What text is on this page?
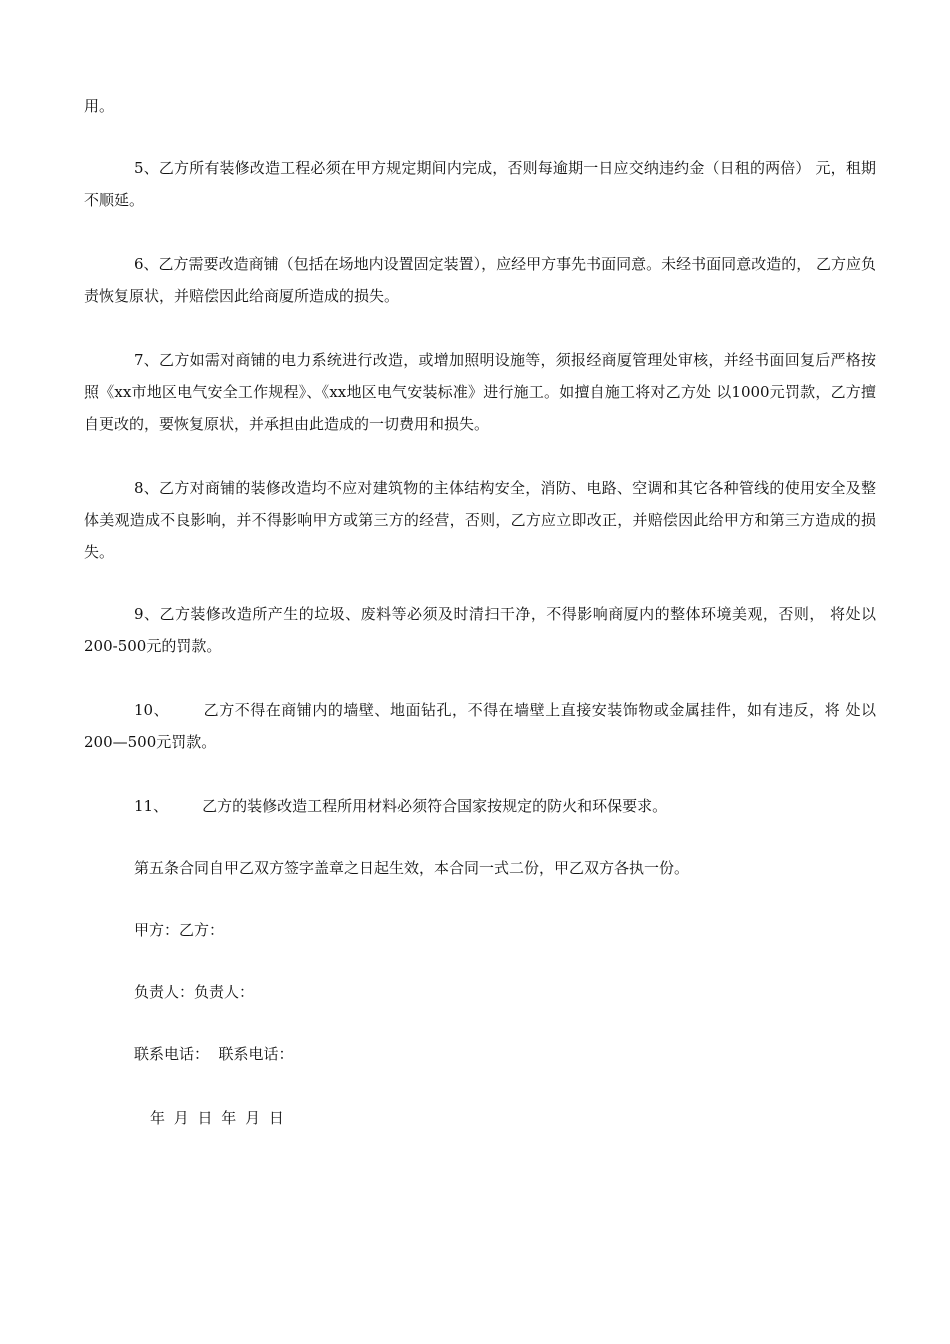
用。

5、乙方所有装修改造工程必须在甲方规定期间内完成，否则每逾期一日应交纳违约金（日租的两倍） 元，租期不顺延。

6、乙方需要改造商铺（包括在场地内设置固定装置），应经甲方事先书面同意。未经书面同意改造的， 乙方应负责恢复原状，并赔偿因此给商厦所造成的损失。

7、乙方如需对商铺的电力系统进行改造，或增加照明设施等，须报经商厦管理处审核，并经书面回复后严格按照《xx市地区电气安全工作规程》、《xx地区电气安装标准》进行施工。如擅自施工将对乙方处 以1000元罚款，乙方擅自更改的，要恢复原状，并承担由此造成的一切费用和损失。

8、乙方对商铺的装修改造均不应对建筑物的主体结构安全，消防、电路、空调和其它各种管线的使用安全及整体美观造成不良影响，并不得影响甲方或第三方的经营，否则，乙方应立即改正，并赔偿因此给甲方和第三方造成的损失。

9、乙方装修改造所产生的垃圾、废料等必须及时清扫干净，不得影响商厦内的整体环境美观，否则， 将处以200-500元的罚款。

10、 乙方不得在商铺内的墙壁、地面钻孔，不得在墙壁上直接安装饰物或金属挂件，如有违反，将 处以200—500元罚款。

11、 乙方的装修改造工程所用材料必须符合国家按规定的防火和环保要求。

第五条合同自甲乙双方签字盖章之日起生效，本合同一式二份，甲乙双方各执一份。

甲方：乙方：

负责人：负责人：

联系电话：  联系电话：

年 月 日 年 月 日
